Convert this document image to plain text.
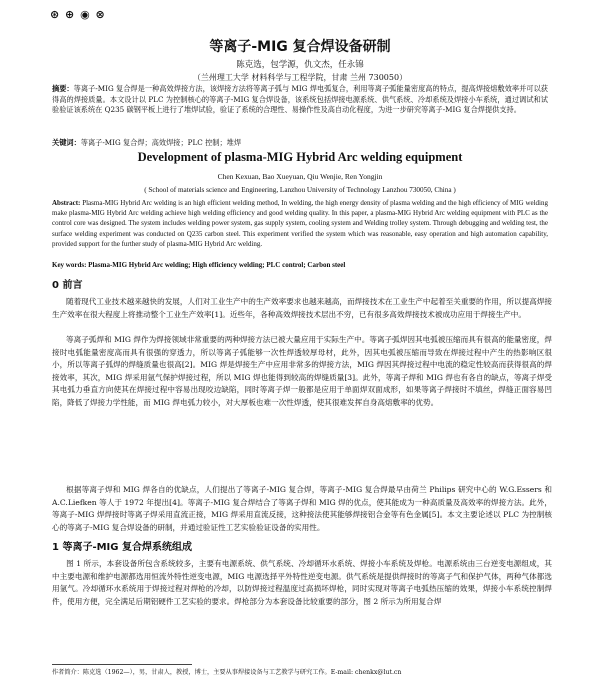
⊛ ⊕ ◉ ⊗
等离子-MIG 复合焊设备研制
陈克选，包学源，仇文杰，任永锦
（兰州理工大学 材料科学与工程学院，甘肃 兰州 730050）
摘要：等离子-MIG 复合焊是一种高效焊接方法，该焊接方法将等离子弧与 MIG 焊电弧复合，利用等离子弧能量密度高的特点，提高焊接熔敷效率并可以获得高的焊接质量。本文设计以 PLC 为控制核心的等离子-MIG 复合焊设备，该系统包括焊接电源系统、供气系统、冷却系统及焊接小车系统，通过调试和试验验证该系统在 Q235 碳钢平板上进行了堆焊试验，验证了系统的合理性、易操作性及高自动化程度，为进一步研究等离子-MIG 复合焊提供支持。
关键词：等离子-MIG 复合焊；高效焊接；PLC 控制；堆焊
Development of plasma-MIG Hybrid Arc welding equipment
Chen Kexuan, Bao Xueyuan, Qiu Wenjie, Ren Yongjin
( School of materials science and Engineering, Lanzhou University of Technology Lanzhou 730050, China )
Abstract: Plasma-MIG Hybrid Arc welding is an high efficient welding method, In welding, the high energy density of plasma welding and the high efficiency of MIG welding make plasma-MIG Hybrid Arc welding achieve high welding efficiency and good welding quality. In this paper, a plasma-MIG Hybrid Arc welding equipment with PLC as the control core was designed. The system includes welding power system, gas supply system, cooling system and Welding trolley system. Through debugging and welding test, the surface welding experiment was conducted on Q235 carbon steel. This experiment verified the system which was reasonable, easy operation and high automation capability, provided support for the further study of plasma-MIG Hybrid Arc welding.
Key words: Plasma-MIG Hybrid Arc welding; High efficiency welding; PLC control; Carbon steel
0 前言
随着现代工业技术越来越快的发展，人们对工业生产中的生产效率要求也越来越高，而焊接技术在工业生产中起着至关重要的作用，所以提高焊接生产效率在很大程度上将推动整个工业生产效率[1]。近些年，各种高效焊接技术层出不穷，已有很多高效焊接技术被成功应用于焊接生产中。
等离子弧焊和 MIG 焊作为焊接领域非常重要的两种焊接方法已被大量应用于实际生产中。等离子弧焊因其电弧被压缩而具有很高的能量密度，焊接时电弧能量密度高而具有很强的穿透力，所以等离子弧能够一次性焊透较厚母材，此外，因其电弧被压缩而导致在焊接过程中产生的热影响区很小，所以等离子弧焊的焊缝质量也很高[2]。MIG 焊是焊接生产中应用非常多的焊接方法，MIG 焊因其焊接过程中电流的稳定性较高而获得很高的焊接效率，其次，MIG 焊采用氩气保护焊接过程，所以 MIG 焊也能得到较高的焊缝质量[3]。此外，等离子焊和 MIG 焊也有各自的缺点，等离子焊受其电弧力垂直方向使其在焊接过程中容易出现咬边缺陷，同时等离子焊一般都是应用于单面焊双面成形，如果等离子焊接时不填丝，焊缝正面容易凹陷，降低了焊接力学性能，而 MIG 焊电弧力较小，对大厚板也难一次性焊透，使其很难发挥自身高熔敷率的优势。
根据等离子焊和 MIG 焊各自的优缺点，人们提出了等离子-MIG 复合焊，等离子-MIG 复合焊最早由荷兰 Philips 研究中心的 W.G.Essers 和 A.C.Liefken 等人于 1972 年提出[4]。等离子-MIG 复合焊结合了等离子焊和 MIG 焊的优点，使其能成为一种高质量及高效率的焊接方法。此外，等离子-MIG 焊焊接时等离子焊采用直流正接，MIG 焊采用直流反接，这种接法使其能够焊接铝合金等有色金属[5]。本文主要论述以 PLC 为控制核心的等离子-MIG 复合焊设备的研制，并通过验证性工艺实验验证设备的实用性。
1 等离子-MIG 复合焊系统组成
图 1 所示，本套设备所包含系统较多，主要有电源系统、供气系统、冷却循环水系统、焊接小车系统及焊枪。电源系统由三台逆变电源组成，其中主要电源和维护电源都选用恒流外特性逆变电源，MIG 电源选择平外特性逆变电源。供气系统是提供焊接时的等离子气和保护气体，两种气体都选用氩气。冷却循环水系统用于焊接过程对焊枪的冷却，以防焊接过程温度过高损坏焊枪，同时实现对等离子电弧热压缩的效果，焊接小车系统控制焊件，使用方便，完全满足后期铝硬件工艺实验的要求。焊枪部分为本套设备比较重要的部分，图 2 所示为所用复合焊
作者简介：陈克选（1962—），男，甘肃人，教授，博士，主要从事焊接设备与工艺教学与研究工作。E-mail: chenkx@lut.cn
